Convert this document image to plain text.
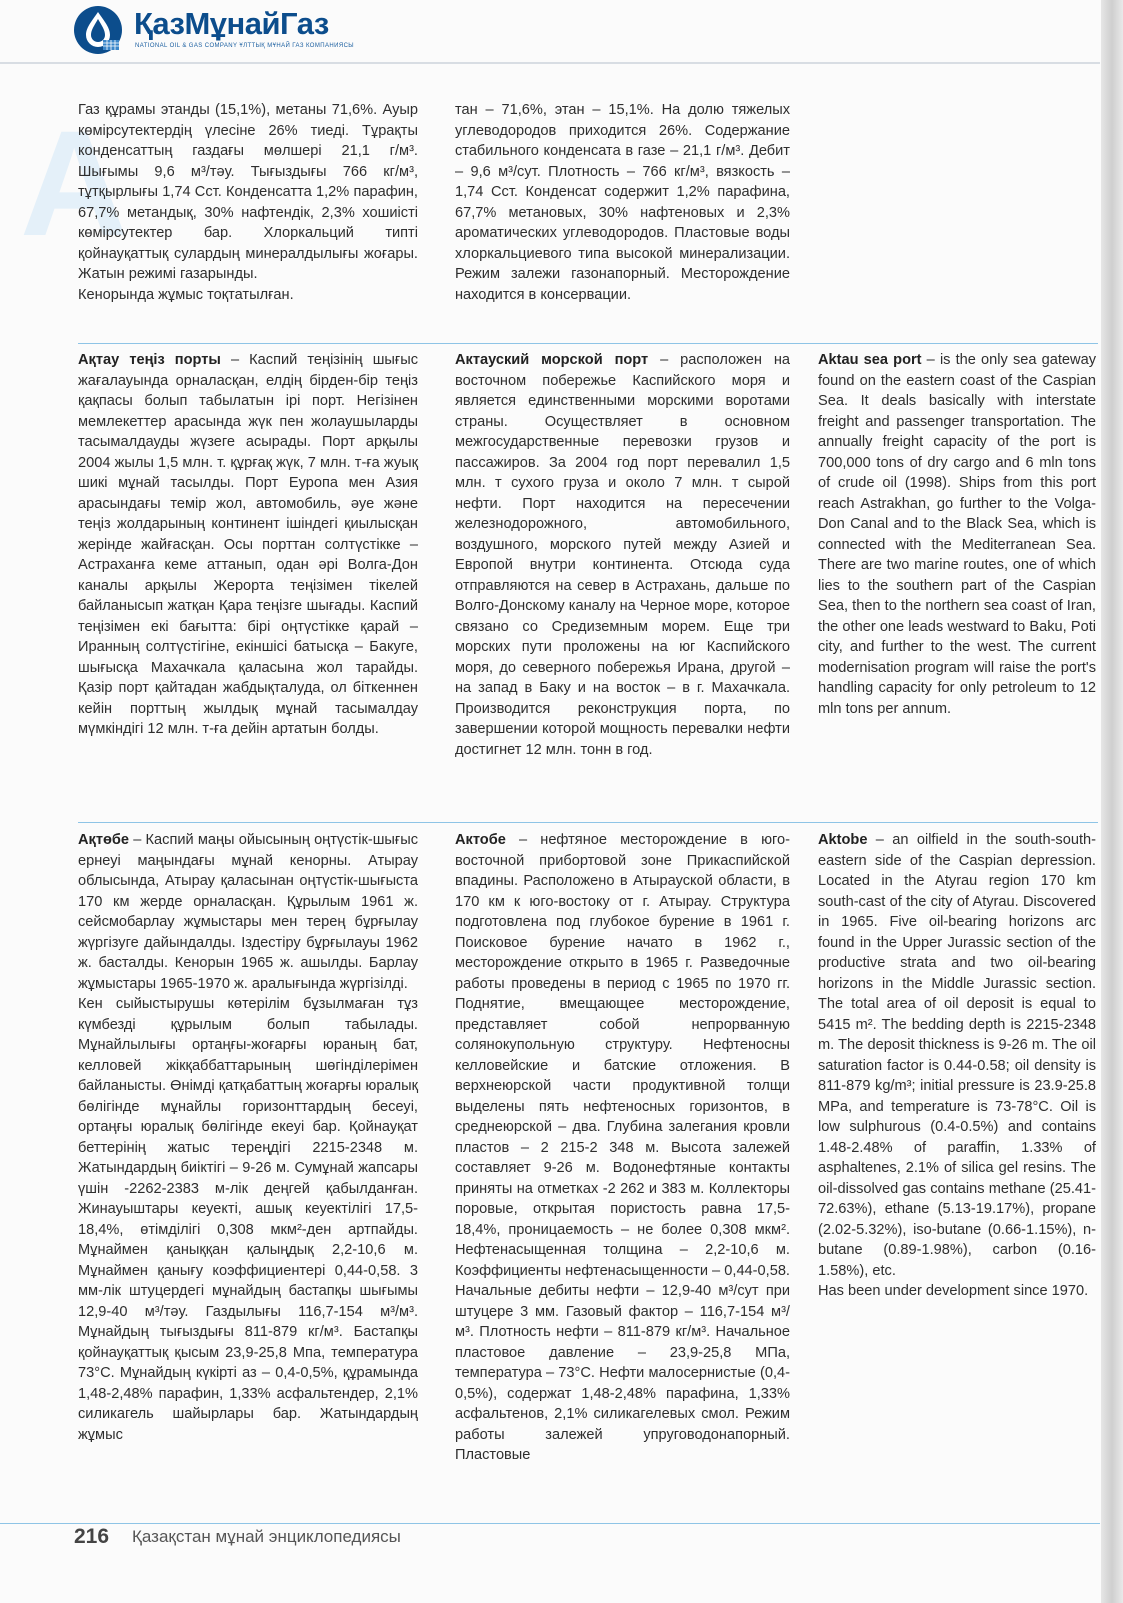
ҚазМұнайГаз
NATIONAL OIL & GAS COMPANY ҰЛТТЫҚ МҰНАЙ ГАЗ КОМПАНИЯСЫ
A

Газ құрамы этанды (15,1%), метаны 71,6%. Ауыр көмірсутектердің үлесіне 26% тиеді. Тұрақты конденсаттың газдағы мөлшері 21,1 г/м³. Шығымы 9,6 м³/тәу. Тығыздығы 766 кг/м³, тұтқырлығы 1,74 Сст. Конденсатта 1,2% парафин, 67,7% метандық, 30% нафтендік, 2,3% хошиісті көмірсутектер бар. Хлоркальций типті қойнауқаттық сулардың минералдылығы жоғары. Жатын режимі газарынды.

Кенорында жұмыс тоқтатылған.

тан – 71,6%, этан – 15,1%. На долю тяжелых углеводородов приходится 26%. Содержание стабильного конденсата в газе – 21,1 г/м³. Дебит – 9,6 м³/сут. Плотность – 766 кг/м³, вязкость – 1,74 Сст. Конденсат содержит 1,2% парафина, 67,7% метановых, 30% нафтеновых и 2,3% ароматических углеводородов. Пластовые воды хлоркальциевого типа высокой минерализации. Режим залежи газонапорный. Месторождение находится в консервации.

Ақтау теңіз порты – Каспий теңізінің шығыс жағалауында орналасқан, елдің бірден-бір теңіз қақпасы болып табылатын ірі порт. Негізінен мемлекеттер арасында жүк пен жолаушыларды тасымалдауды жүзеге асырады. Порт арқылы 2004 жылы 1,5 млн. т. құрғақ жүк, 7 млн. т-ға жуық шикі мұнай тасылды. Порт Еуропа мен Азия арасындағы темір жол, автомобиль, әуе және теңіз жолдарының континент ішіндегі қиылысқан жерінде жайғасқан. Осы порттан солтүстікке – Астраханға кеме аттанып, одан әрі Волга-Дон каналы арқылы Жерорта теңізімен тікелей байланысып жатқан Қара теңізге шығады. Каспий теңізімен екі бағытта: бірі оңтүстікке қарай – Иранның солтүстігіне, екіншісі батысқа – Бакуге, шығысқа Махачкала қаласына жол тарайды. Қазір порт қайтадан жабдықталуда, ол біткеннен кейін порттың жылдық мұнай тасымалдау мүмкіндігі 12 млн. т-ға дейін артатын болды.

Актауский морской порт – расположен на восточном побережье Каспийского моря и является единственными морскими воротами страны. Осуществляет в основном межгосударственные перевозки грузов и пассажиров. За 2004 год порт перевалил 1,5 млн. т сухого груза и около 7 млн. т сырой нефти. Порт находится на пересечении железнодорожного, автомобильного, воздушного, морского путей между Азией и Европой внутри континента. Отсюда суда отправляются на север в Астрахань, дальше по Волго-Донскому каналу на Черное море, которое связано со Средиземным морем. Еще три морских пути проложены на юг Каспийского моря, до северного побережья Ирана, другой – на запад в Баку и на восток – в г. Махачкала. Производится реконструкция порта, по завершении которой мощность перевалки нефти достигнет 12 млн. тонн в год.

Aktau sea port – is the only sea gateway found on the eastern coast of the Caspian Sea. It deals basically with interstate freight and passenger transportation. The annually freight capacity of the port is 700,000 tons of dry cargo and 6 mln tons of crude oil (1998). Ships from this port reach Astrakhan, go further to the Volga-Don Canal and to the Black Sea, which is connected with the Mediterranean Sea. There are two marine routes, one of which lies to the southern part of the Caspian Sea, then to the northern sea coast of Iran, the other one leads westward to Baku, Poti city, and further to the west. The current modernisation program will raise the port's handling capacity for only petroleum to 12 mln tons per annum.

Ақтөбе – Каспий маңы ойысының оңтүстік-шығыс ернеуі маңындағы мұнай кенорны. Атырау облысында, Атырау қаласынан оңтүстік-шығыста 170 км жерде орналасқан. Құрылым 1961 ж. сейсмобарлау жұмыстары мен терең бұрғылау жүргізуге дайындалды. Іздестіру бұрғылауы 1962 ж. басталды. Кенорын 1965 ж. ашылды. Барлау жұмыстары 1965-1970 ж. аралығында жүргізілді.

Кен сыйыстырушы көтерілім бұзылмаған тұз күмбезді құрылым болып табылады. Мұнайлылығы ортаңғы-жоғарғы юраның бат, келловей жікқаббаттарының шөгінділерімен байланысты. Өнімді қатқабаттың жоғарғы юралық бөлігінде мұнайлы горизонттардың бесеуі, ортаңғы юралық бөлігінде екеуі бар. Қойнауқат беттерінің жатыс тереңдігі 2215-2348 м. Жатындардың биіктігі – 9-26 м. Сумұнай жапсары үшін -2262-2383 м-лік деңгей қабылданған. Жинауыштары кеуекті, ашық кеуектілігі 17,5-18,4%, өтімділігі 0,308 мкм²-ден артпайды. Мұнаймен қаныққан қалыңдық 2,2-10,6 м. Мұнаймен қанығу коэффициентері 0,44-0,58. 3 мм-лік штуцердегі мұнайдың бастапқы шығымы 12,9-40 м³/тәу. Газдылығы 116,7-154 м³/м³. Мұнайдың тығыздығы 811-879 кг/м³. Бастапқы қойнауқаттық қысым 23,9-25,8 Мпа, температура 73°С. Мұнайдың күкірті аз – 0,4-0,5%, құрамында 1,48-2,48% парафин, 1,33% асфальтендер, 2,1% силикагель шайырлары бар. Жатындардың жұмыс

Актобе – нефтяное месторождение в юго-восточной прибортовой зоне Прикаспийской впадины. Расположено в Атырауской области, в 170 км к юго-востоку от г. Атырау. Структура подготовлена под глубокое бурение в 1961 г. Поисковое бурение начато в 1962 г., месторождение открыто в 1965 г. Разведочные работы проведены в период с 1965 по 1970 гг. Поднятие, вмещающее месторождение, представляет собой непрорванную солянокупольную структуру. Нефтеносны келловейские и батские отложения. В верхнеюрской части продуктивной толщи выделены пять нефтеносных горизонтов, в среднеюрской – два. Глубина залегания кровли пластов – 2 215-2 348 м. Высота залежей составляет 9-26 м. Водонефтяные контакты приняты на отметках -2 262 и 383 м. Коллекторы поровые, открытая пористость равна 17,5-18,4%, проницаемость – не более 0,308 мкм². Нефтенасыщенная толщина – 2,2-10,6 м. Коэффициенты нефтенасыщенности – 0,44-0,58. Начальные дебиты нефти – 12,9-40 м³/сут при штуцере 3 мм. Газовый фактор – 116,7-154 м³/м³. Плотность нефти – 811-879 кг/м³. Начальное пластовое давление – 23,9-25,8 МПа, температура – 73°С. Нефти малосернистые (0,4-0,5%), содержат 1,48-2,48% парафина, 1,33% асфальтенов, 2,1% силикагелевых смол. Режим работы залежей упруговодонапорный. Пластовые

Aktobe – an oilfield in the south-south-eastern side of the Caspian depression. Located in the Atyrau region 170 km south-cast of the city of Atyrau. Discovered in 1965. Five oil-bearing horizons arc found in the Upper Jurassic section of the productive strata and two oil-bearing horizons in the Middle Jurassic section. The total area of oil deposit is equal to 5415 m². The bedding depth is 2215-2348 m. The deposit thickness is 9-26 m. The oil saturation factor is 0.44-0.58; oil density is 811-879 kg/m³; initial pressure is 23.9-25.8 MPa, and temperature is 73-78°C. Oil is low sulphurous (0.4-0.5%) and contains 1.48-2.48% of paraffin, 1.33% of asphaltenes, 2.1% of silica gel resins. The oil-dissolved gas contains methane (25.41-72.63%), ethane (5.13-19.17%), propane (2.02-5.32%), iso-butane (0.66-1.15%), n-butane (0.89-1.98%), carbon (0.16-1.58%), etc.

Has been under development since 1970.

216 Қазақстан мұнай энциклопедиясы
